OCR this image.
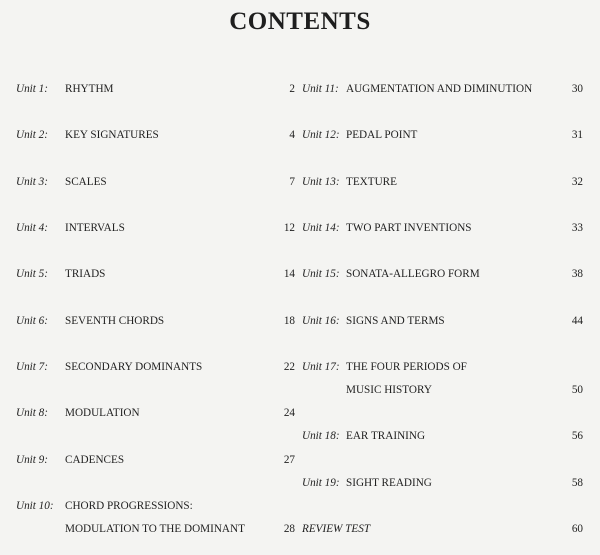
CONTENTS
Unit 1: RHYTHM	2
Unit 2: KEY SIGNATURES	4
Unit 3: SCALES	7
Unit 4: INTERVALS	12
Unit 5: TRIADS	14
Unit 6: SEVENTH CHORDS	18
Unit 7: SECONDARY DOMINANTS	22
Unit 8: MODULATION	24
Unit 9: CADENCES	27
Unit 10: CHORD PROGRESSIONS:
MODULATION TO THE DOMINANT	28
Unit 11: AUGMENTATION AND DIMINUTION	30
Unit 12: PEDAL POINT	31
Unit 13: TEXTURE	32
Unit 14: TWO PART INVENTIONS	33
Unit 15: SONATA-ALLEGRO FORM	38
Unit 16: SIGNS AND TERMS	44
Unit 17: THE FOUR PERIODS OF
MUSIC HISTORY	50
Unit 18: EAR TRAINING	56
Unit 19: SIGHT READING	58
REVIEW TEST	60
